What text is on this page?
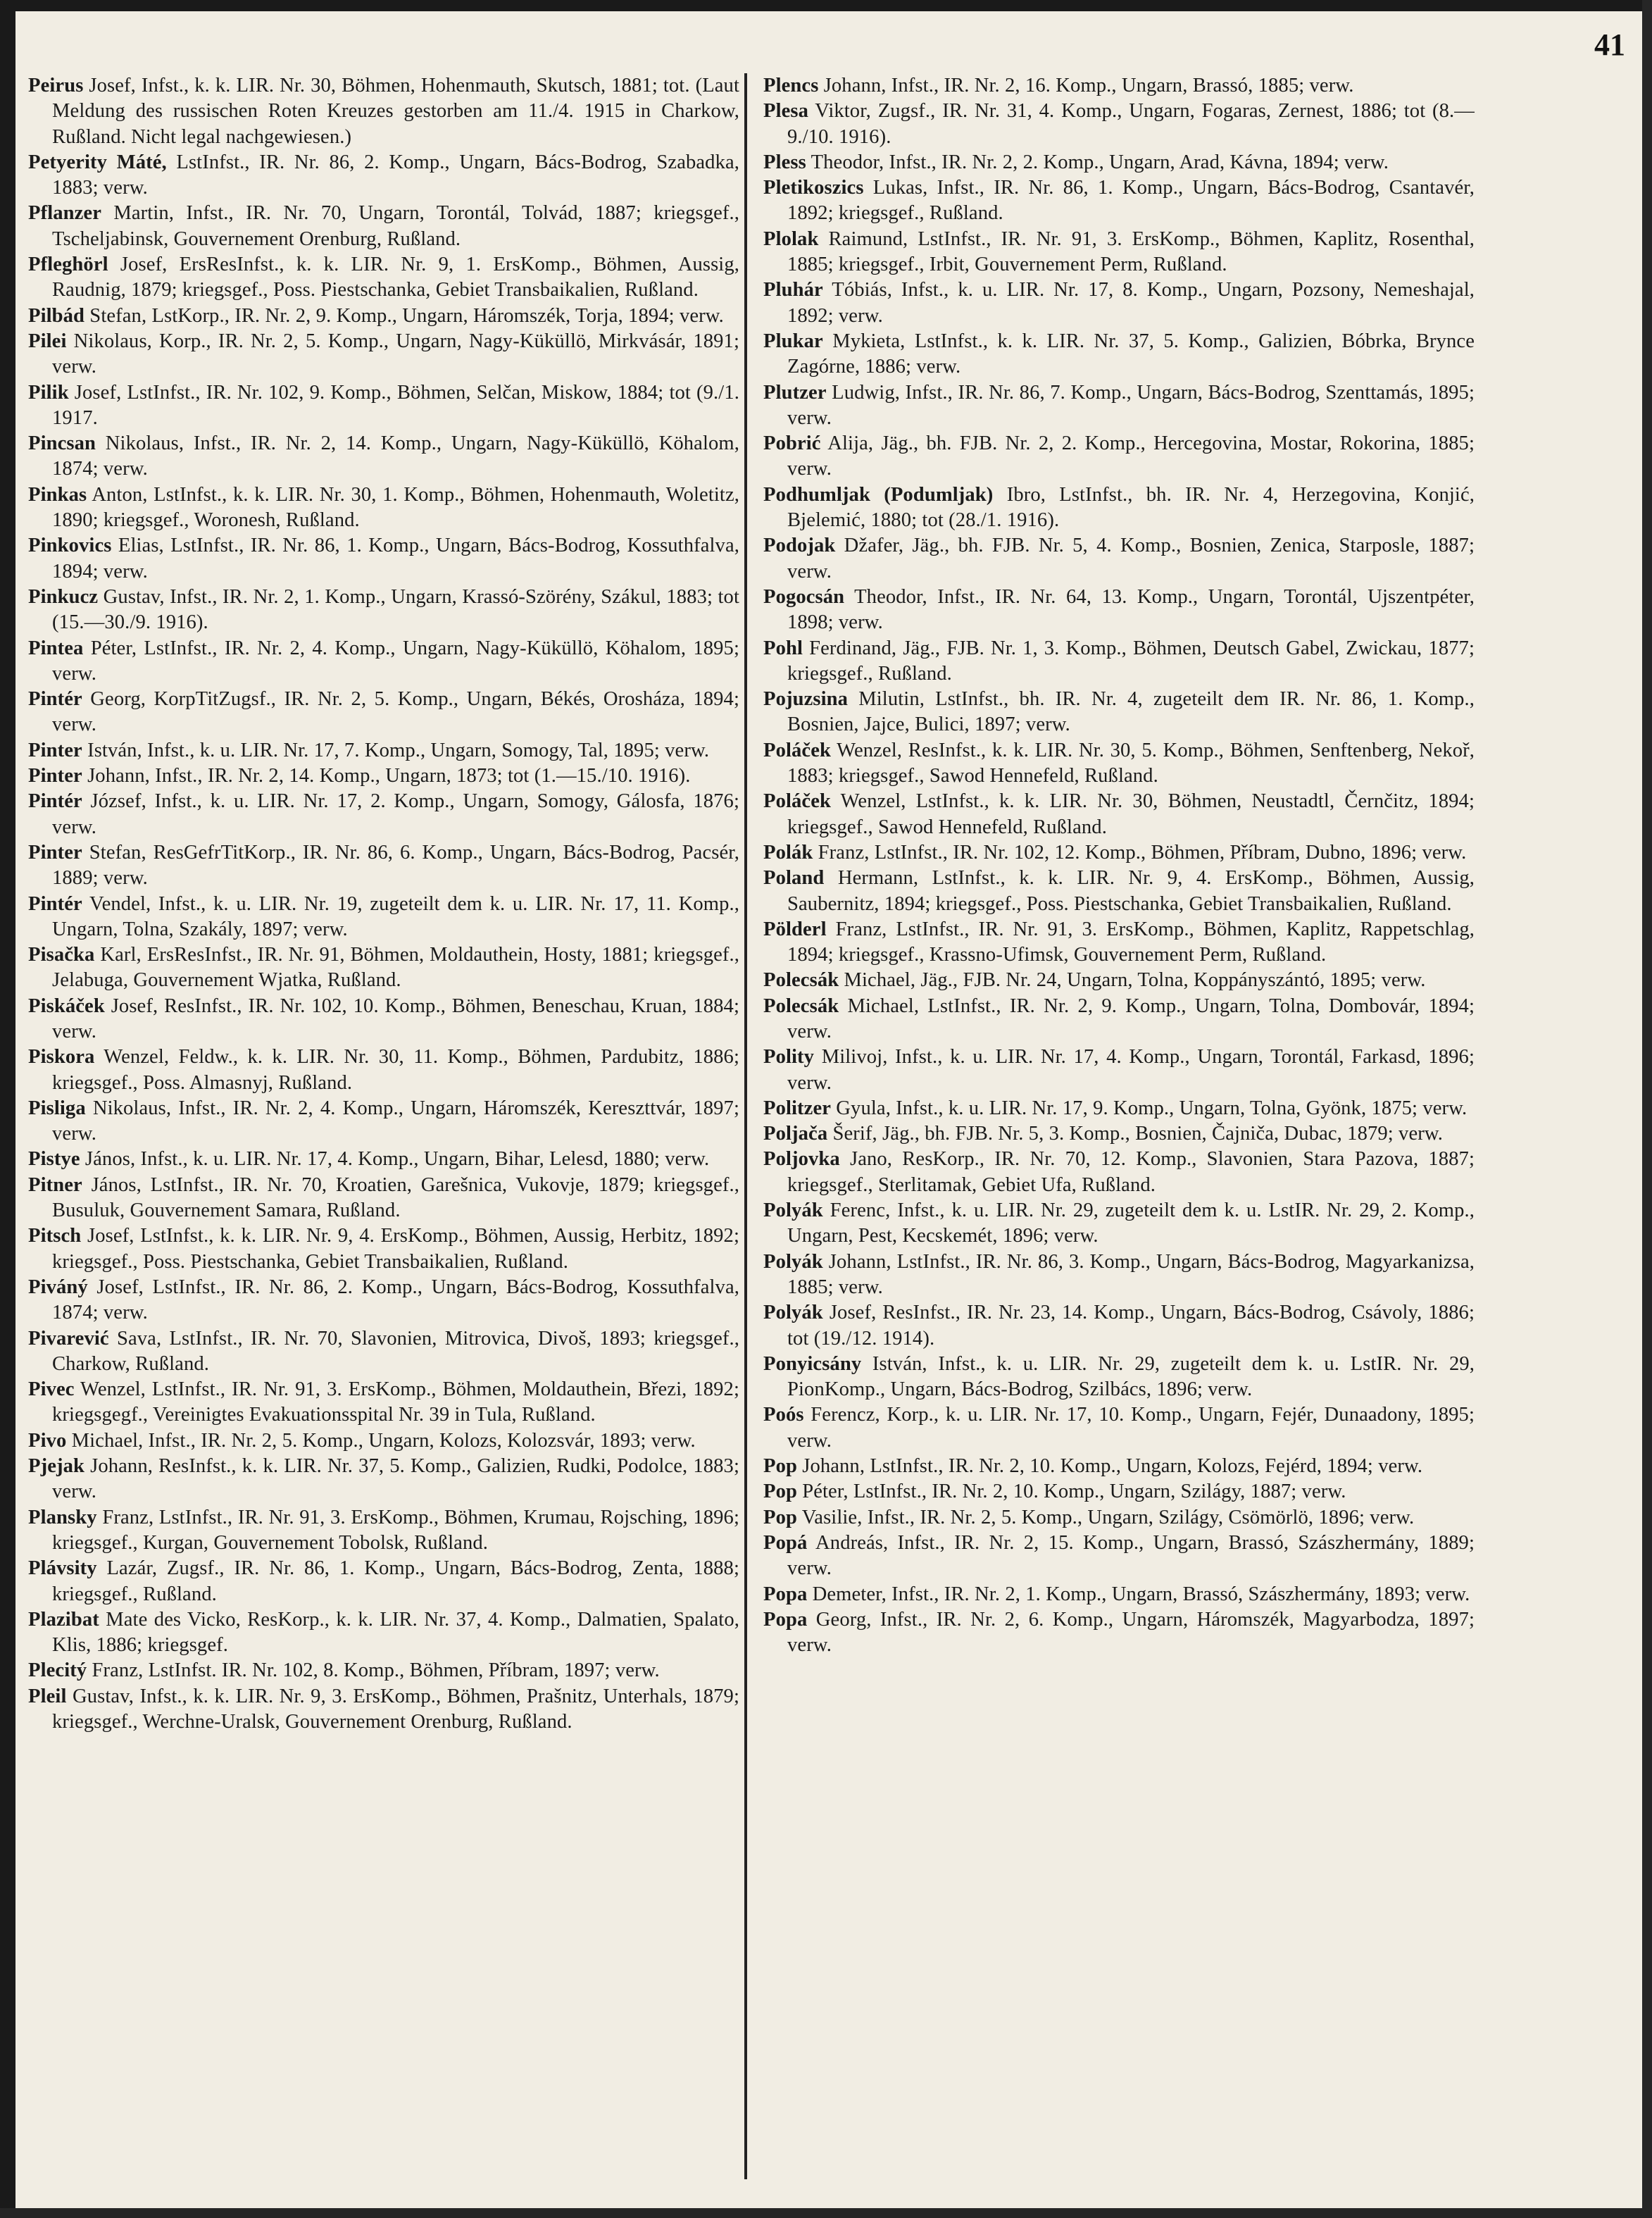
41

Peirus Josef, Infst., k. k. LIR. Nr. 30, Böhmen, Hohenmauth, Skutsch, 1881; tot. (Laut Meldung des russischen Roten Kreuzes gestorben am 11./4. 1915 in Charkow, Rußland. Nicht legal nachgewiesen.)

Petyerity Máté, LstInfst., IR. Nr. 86, 2. Komp., Ungarn, Bács-Bodrog, Szabadka, 1883; verw.

Pflanzer Martin, Infst., IR. Nr. 70, Ungarn, Torontál, Tolvád, 1887; kriegsgef., Tscheljabinsk, Gouvernement Orenburg, Rußland.

Pfleghörl Josef, ErsResInfst., k. k. LIR. Nr. 9, 1. ErsKomp., Böhmen, Aussig, Raudnig, 1879; kriegsgef., Poss. Piestschanka, Gebiet Transbaikalien, Rußland.

Pilbád Stefan, LstKorp., IR. Nr. 2, 9. Komp., Ungarn, Háromszék, Torja, 1894; verw.

Pilei Nikolaus, Korp., IR. Nr. 2, 5. Komp., Ungarn, Nagy-Küküllö, Mirkvásár, 1891; verw.

Pilik Josef, LstInfst., IR. Nr. 102, 9. Komp., Böhmen, Selčan, Miskow, 1884; tot (9./1. 1917.

Pincsan Nikolaus, Infst., IR. Nr. 2, 14. Komp., Ungarn, Nagy-Küküllö, Köhalom, 1874; verw.

Pinkas Anton, LstInfst., k. k. LIR. Nr. 30, 1. Komp., Böhmen, Hohenmauth, Woletitz, 1890; kriegsgef., Woronesh, Rußland.

Pinkovics Elias, LstInfst., IR. Nr. 86, 1. Komp., Ungarn, Bács-Bodrog, Kossuthfalva, 1894; verw.

Pinkucz Gustav, Infst., IR. Nr. 2, 1. Komp., Ungarn, Krassó-Szörény, Szákul, 1883; tot (15.—30./9. 1916).

Pintea Péter, LstInfst., IR. Nr. 2, 4. Komp., Ungarn, Nagy-Küküllö, Köhalom, 1895; verw.

Pintér Georg, KorpTitZugsf., IR. Nr. 2, 5. Komp., Ungarn, Békés, Orosháza, 1894; verw.

Pinter István, Infst., k. u. LIR. Nr. 17, 7. Komp., Ungarn, Somogy, Tal, 1895; verw.

Pinter Johann, Infst., IR. Nr. 2, 14. Komp., Ungarn, 1873; tot (1.—15./10. 1916).

Pintér József, Infst., k. u. LIR. Nr. 17, 2. Komp., Ungarn, Somogy, Gálosfa, 1876; verw.

Pinter Stefan, ResGefrTitKorp., IR. Nr. 86, 6. Komp., Ungarn, Bács-Bodrog, Pacsér, 1889; verw.

Pintér Vendel, Infst., k. u. LIR. Nr. 19, zugeteilt dem k. u. LIR. Nr. 17, 11. Komp., Ungarn, Tolna, Szakály, 1897; verw.

Pisačka Karl, ErsResInfst., IR. Nr. 91, Böhmen, Moldauthein, Hosty, 1881; kriegsgef., Jelabuga, Gouvernement Wjatka, Rußland.

Piskáček Josef, ResInfst., IR. Nr. 102, 10. Komp., Böhmen, Beneschau, Kruan, 1884; verw.

Piskora Wenzel, Feldw., k. k. LIR. Nr. 30, 11. Komp., Böhmen, Pardubitz, 1886; kriegsgef., Poss. Almasnyj, Rußland.

Pisliga Nikolaus, Infst., IR. Nr. 2, 4. Komp., Ungarn, Háromszék, Kereszttvár, 1897; verw.

Pistye János, Infst., k. u. LIR. Nr. 17, 4. Komp., Ungarn, Bihar, Lelesd, 1880; verw.

Pitner János, LstInfst., IR. Nr. 70, Kroatien, Garešnica, Vukovje, 1879; kriegsgef., Busuluk, Gouvernement Samara, Rußland.

Pitsch Josef, LstInfst., k. k. LIR. Nr. 9, 4. ErsKomp., Böhmen, Aussig, Herbitz, 1892; kriegsgef., Poss. Piestschanka, Gebiet Transbaikalien, Rußland.

Piváný Josef, LstInfst., IR. Nr. 86, 2. Komp., Ungarn, Bács-Bodrog, Kossuthfalva, 1874; verw.

Pivarević Sava, LstInfst., IR. Nr. 70, Slavonien, Mitrovica, Divoš, 1893; kriegsgef., Charkow, Rußland.

Pivec Wenzel, LstInfst., IR. Nr. 91, 3. ErsKomp., Böhmen, Moldauthein, Březi, 1892; kriegsgegf., Vereinigtes Evakuationsspital Nr. 39 in Tula, Rußland.

Pivo Michael, Infst., IR. Nr. 2, 5. Komp., Ungarn, Kolozs, Kolozsvár, 1893; verw.

Pjejak Johann, ResInfst., k. k. LIR. Nr. 37, 5. Komp., Galizien, Rudki, Podolce, 1883; verw.

Plansky Franz, LstInfst., IR. Nr. 91, 3. ErsKomp., Böhmen, Krumau, Rojsching, 1896; kriegsgef., Kurgan, Gouvernement Tobolsk, Rußland.

Plávsity Lazár, Zugsf., IR. Nr. 86, 1. Komp., Ungarn, Bács-Bodrog, Zenta, 1888; kriegsgef., Rußland.

Plazibat Mate des Vicko, ResKorp., k. k. LIR. Nr. 37, 4. Komp., Dalmatien, Spalato, Klis, 1886; kriegsgef.

Plecitý Franz, LstInfst. IR. Nr. 102, 8. Komp., Böhmen, Příbram, 1897; verw.

Pleil Gustav, Infst., k. k. LIR. Nr. 9, 3. ErsKomp., Böhmen, Prašnitz, Unterhals, 1879; kriegsgef., Werchne-Uralsk, Gouvernement Orenburg, Rußland.

Plencs Johann, Infst., IR. Nr. 2, 16. Komp., Ungarn, Brassó, 1885; verw.

Plesa Viktor, Zugsf., IR. Nr. 31, 4. Komp., Ungarn, Fogaras, Zernest, 1886; tot (8.—9./10. 1916).

Pless Theodor, Infst., IR. Nr. 2, 2. Komp., Ungarn, Arad, Kávna, 1894; verw.

Pletikoszics Lukas, Infst., IR. Nr. 86, 1. Komp., Ungarn, Bács-Bodrog, Csantavér, 1892; kriegsgef., Rußland.

Plolak Raimund, LstInfst., IR. Nr. 91, 3. ErsKomp., Böhmen, Kaplitz, Rosenthal, 1885; kriegsgef., Irbit, Gouvernement Perm, Rußland.

Pluhár Tóbiás, Infst., k. u. LIR. Nr. 17, 8. Komp., Ungarn, Pozsony, Nemeshajal, 1892; verw.

Plukar Mykieta, LstInfst., k. k. LIR. Nr. 37, 5. Komp., Galizien, Bóbrka, Brynce Zagórne, 1886; verw.

Plutzer Ludwig, Infst., IR. Nr. 86, 7. Komp., Ungarn, Bács-Bodrog, Szenttamás, 1895; verw.

Pobrić Alija, Jäg., bh. FJB. Nr. 2, 2. Komp., Hercegovina, Mostar, Rokorina, 1885; verw.

Podhumljak (Podumljak) Ibro, LstInfst., bh. IR. Nr. 4, Herzegovina, Konjić, Bjelemić, 1880; tot (28./1. 1916).

Podojak Džafer, Jäg., bh. FJB. Nr. 5, 4. Komp., Bosnien, Zenica, Starposle, 1887; verw.

Pogocsán Theodor, Infst., IR. Nr. 64, 13. Komp., Ungarn, Torontál, Ujszentpéter, 1898; verw.

Pohl Ferdinand, Jäg., FJB. Nr. 1, 3. Komp., Böhmen, Deutsch Gabel, Zwickau, 1877; kriegsgef., Rußland.

Pojuzsina Milutin, LstInfst., bh. IR. Nr. 4, zugeteilt dem IR. Nr. 86, 1. Komp., Bosnien, Jajce, Bulici, 1897; verw.

Poláček Wenzel, ResInfst., k. k. LIR. Nr. 30, 5. Komp., Böhmen, Senftenberg, Nekoř, 1883; kriegsgef., Sawod Hennefeld, Rußland.

Poláček Wenzel, LstInfst., k. k. LIR. Nr. 30, Böhmen, Neustadtl, Černčitz, 1894; kriegsgef., Sawod Hennefeld, Rußland.

Polák Franz, LstInfst., IR. Nr. 102, 12. Komp., Böhmen, Příbram, Dubno, 1896; verw.

Poland Hermann, LstInfst., k. k. LIR. Nr. 9, 4. ErsKomp., Böhmen, Aussig, Saubernitz, 1894; kriegsgef., Poss. Piestschanka, Gebiet Transbaikalien, Rußland.

Pölderl Franz, LstInfst., IR. Nr. 91, 3. ErsKomp., Böhmen, Kaplitz, Rappetschlag, 1894; kriegsgef., Krassno-Ufimsk, Gouvernement Perm, Rußland.

Polecsák Michael, Jäg., FJB. Nr. 24, Ungarn, Tolna, Koppányszántó, 1895; verw.

Polecsák Michael, LstInfst., IR. Nr. 2, 9. Komp., Ungarn, Tolna, Dombovár, 1894; verw.

Polity Milivoj, Infst., k. u. LIR. Nr. 17, 4. Komp., Ungarn, Torontál, Farkasd, 1896; verw.

Politzer Gyula, Infst., k. u. LIR. Nr. 17, 9. Komp., Ungarn, Tolna, Gyönk, 1875; verw.

Poljača Šerif, Jäg., bh. FJB. Nr. 5, 3. Komp., Bosnien, Čajniča, Dubac, 1879; verw.

Poljovka Jano, ResKorp., IR. Nr. 70, 12. Komp., Slavonien, Stara Pazova, 1887; kriegsgef., Sterlitamak, Gebiet Ufa, Rußland.

Polyák Ferenc, Infst., k. u. LIR. Nr. 29, zugeteilt dem k. u. LstIR. Nr. 29, 2. Komp., Ungarn, Pest, Kecskemét, 1896; verw.

Polyák Johann, LstInfst., IR. Nr. 86, 3. Komp., Ungarn, Bács-Bodrog, Magyarkanizsa, 1885; verw.

Polyák Josef, ResInfst., IR. Nr. 23, 14. Komp., Ungarn, Bács-Bodrog, Csávoly, 1886; tot (19./12. 1914).

Ponyicsány István, Infst., k. u. LIR. Nr. 29, zugeteilt dem k. u. LstIR. Nr. 29, PionKomp., Ungarn, Bács-Bodrog, Szilbács, 1896; verw.

Poós Ferencz, Korp., k. u. LIR. Nr. 17, 10. Komp., Ungarn, Fejér, Dunaadony, 1895; verw.

Pop Johann, LstInfst., IR. Nr. 2, 10. Komp., Ungarn, Kolozs, Fejérd, 1894; verw.

Pop Péter, LstInfst., IR. Nr. 2, 10. Komp., Ungarn, Szilágy, 1887; verw.

Pop Vasilie, Infst., IR. Nr. 2, 5. Komp., Ungarn, Szilágy, Csömörlö, 1896; verw.

Popá Andreás, Infst., IR. Nr. 2, 15. Komp., Ungarn, Brassó, Szászhermány, 1889; verw.

Popa Demeter, Infst., IR. Nr. 2, 1. Komp., Ungarn, Brassó, Szászhermány, 1893; verw.

Popa Georg, Infst., IR. Nr. 2, 6. Komp., Ungarn, Háromszék, Magyarbodza, 1897; verw.
